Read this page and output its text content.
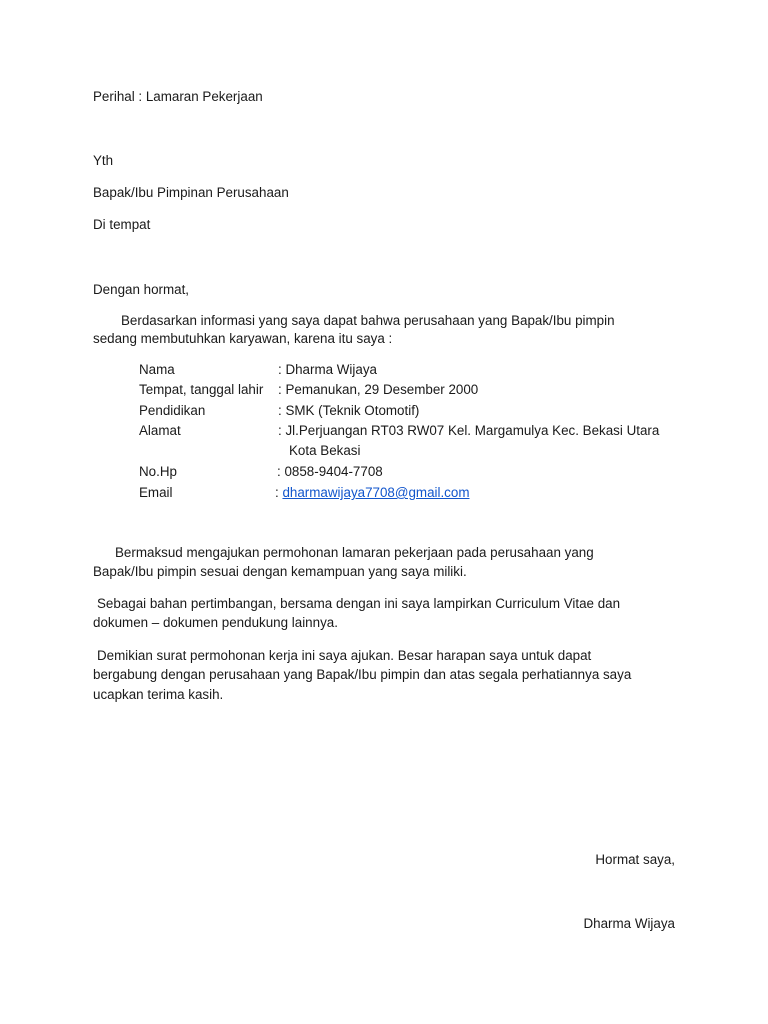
Perihal : Lamaran Pekerjaan
Yth
Bapak/Ibu Pimpinan Perusahaan
Di tempat
Dengan hormat,
Berdasarkan informasi yang saya dapat bahwa perusahaan yang Bapak/Ibu pimpin
sedang membutuhkan karyawan, karena itu saya :
Nama	: Dharma Wijaya
Tempat, tanggal lahir : Pemanukan, 29 Desember 2000
Pendidikan	: SMK (Teknik Otomotif)
Alamat	: Jl.Perjuangan RT03 RW07 Kel. Margamulya Kec. Bekasi Utara
Kota Bekasi
No.Hp	: 0858-9404-7708
Email	: dharmawijaya7708@gmail.com
Bermaksud mengajukan permohonan lamaran pekerjaan pada perusahaan yang
Bapak/Ibu pimpin sesuai dengan kemampuan yang saya miliki.
Sebagai bahan pertimbangan, bersama dengan ini saya lampirkan Curriculum Vitae dan
dokumen – dokumen pendukung lainnya.
Demikian surat permohonan kerja ini saya ajukan. Besar harapan saya untuk dapat
bergabung dengan perusahaan yang Bapak/Ibu pimpin dan atas segala perhatiannya saya
ucapkan terima kasih.
Hormat saya,
Dharma Wijaya
